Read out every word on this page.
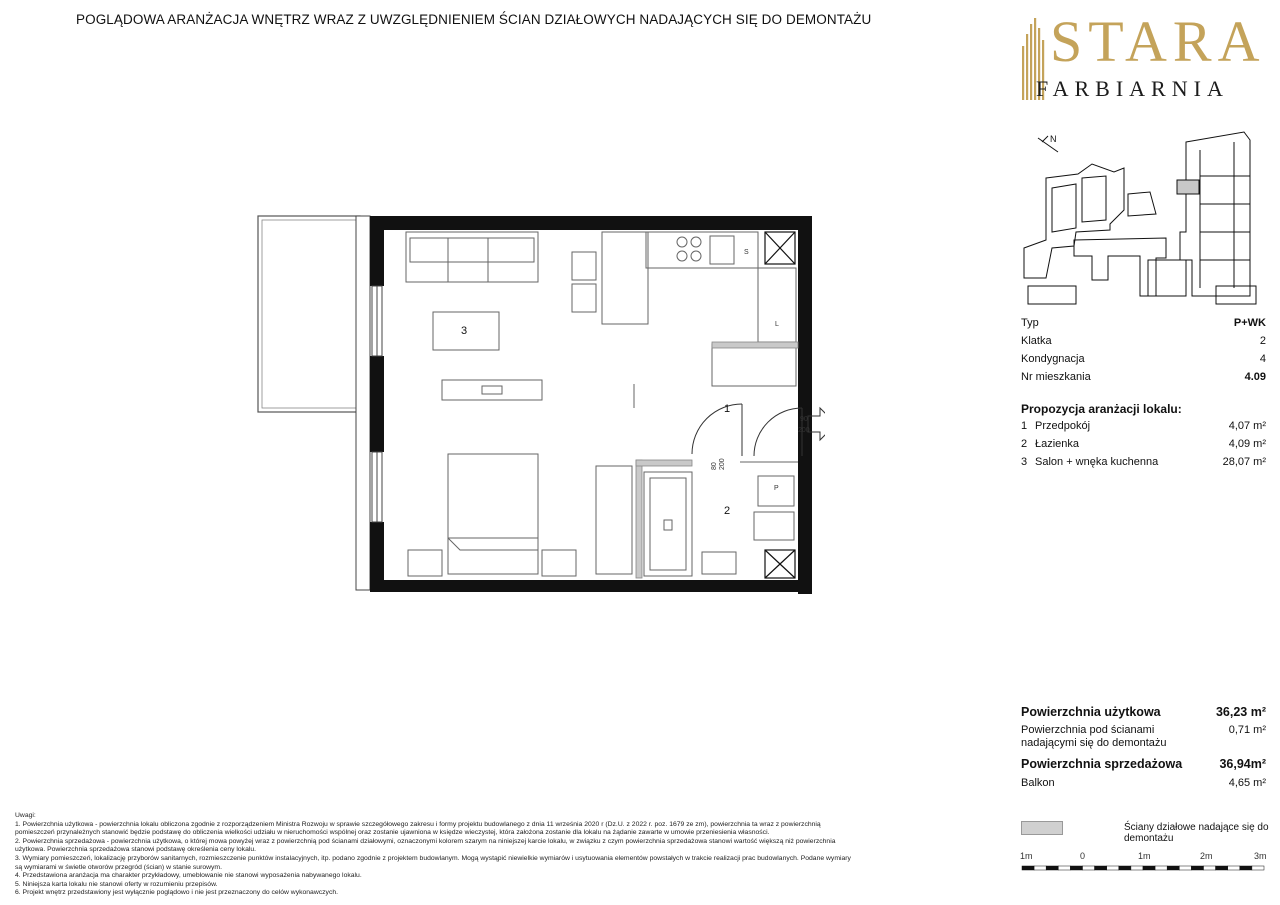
POGLĄDOWA ARANŻACJA WNĘTRZ WRAZ Z UWZGLĘDNIENIEM ŚCIAN DZIAŁOWYCH NADAJĄCYCH SIĘ DO DEMONTAŻU	STARA
FARBIARNIA
N
S
L
3
P
1
2
90
200
80 200
Typ	P+WK
Klatka	2
Kondygnacja	4
Nr mieszkania	4.09
Propozycja aranżacji lokalu:
1 Przedpokój	4,07 m²
2 Łazienka	4,09 m²
3 Salon + wnęka kuchenna	28,07 m²
Powierzchnia użytkowa	36,23 m²
Powierzchnia pod ścianami	0,71 m²
nadającymi się do demontażu
Powierzchnia sprzedażowa	36,94m²
Balkon	4,65 m²
Ściany działowe nadające się do demontażu
1m	0	1m	2m	3m
Uwagi:
1. Powierzchnia użytkowa - powierzchnia lokalu obliczona zgodnie z rozporządzeniem Ministra Rozwoju w sprawie szczegółowego zakresu i formy projektu budowlanego z dnia 11 września 2020 r (Dz.U. z 2022 r. poz. 1679 ze zm), powierzchnia ta wraz z powierzchnią
pomieszczeń przynależnych stanowić będzie podstawę do obliczenia wielkości udziału w nieruchomości wspólnej oraz zostanie ujawniona w księdze wieczystej, która założona zostanie dla lokalu na żądanie zawarte w umowie przeniesienia własności.
2. Powierzchnia sprzedażowa - powierzchnia użytkowa, o której mowa powyżej wraz z powierzchnią pod ścianami działowymi, oznaczonymi kolorem szarym na niniejszej karcie lokalu, w związku z czym powierzchnia sprzedażowa stanowi wartość większą niż powierzchnia
użytkowa. Powierzchnia sprzedażowa stanowi podstawę określenia ceny lokalu.
3. Wymiary pomieszczeń, lokalizację przyborów sanitarnych, rozmieszczenie punktów instalacyjnych, itp. podano zgodnie z projektem budowlanym. Mogą wystąpić niewielkie wymiarów i usytuowania elementów powstałych w trakcie realizacji prac budowlanych. Podane wymiary
są wymiarami w świetle otworów przegród (ścian) w stanie surowym.
4. Przedstawiona aranżacja ma charakter przykładowy, umeblowanie nie stanowi wyposażenia nabywanego lokalu.
5. Niniejsza karta lokalu nie stanowi oferty w rozumieniu przepisów.
6. Projekt wnętrz przedstawiony jest wyłącznie poglądowo i nie jest przeznaczony do celów wykonawczych.
